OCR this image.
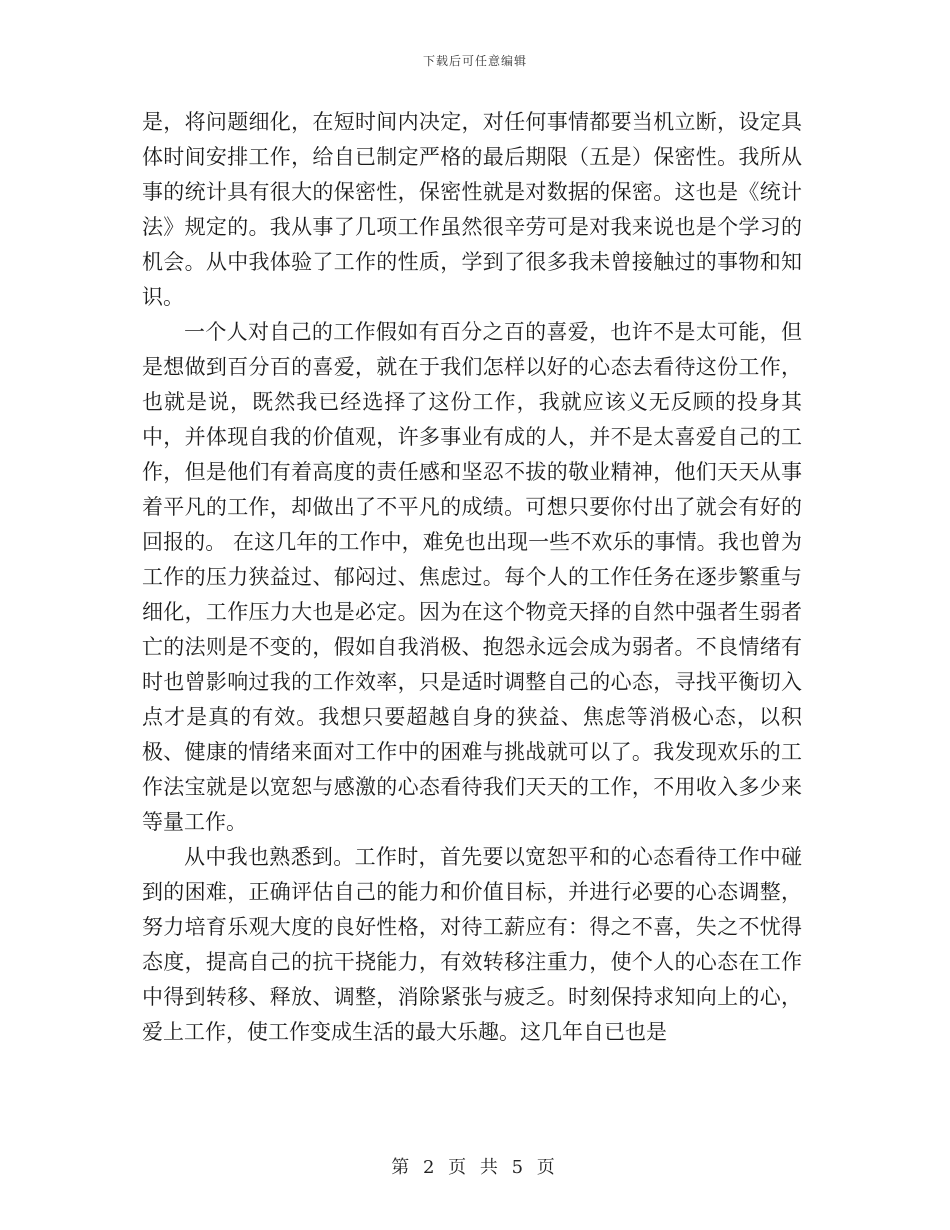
下载后可任意编辑

是，将问题细化，在短时间内决定，对任何事情都要当机立断，设定具体时间安排工作，给自已制定严格的最后期限（五是）保密性。我所从事的统计具有很大的保密性，保密性就是对数据的保密。这也是《统计法》规定的。我从事了几项工作虽然很辛劳可是对我来说也是个学习的机会。从中我体验了工作的性质，学到了很多我未曾接触过的事物和知识。

一个人对自己的工作假如有百分之百的喜爱，也许不是太可能，但是想做到百分百的喜爱，就在于我们怎样以好的心态去看待这份工作，也就是说，既然我已经选择了这份工作，我就应该义无反顾的投身其中，并体现自我的价值观，许多事业有成的人，并不是太喜爱自己的工作，但是他们有着高度的责任感和坚忍不拔的敬业精神，他们天天从事着平凡的工作，却做出了不平凡的成绩。可想只要你付出了就会有好的回报的。 在这几年的工作中，难免也出现一些不欢乐的事情。我也曾为工作的压力狭益过、郁闷过、焦虑过。每个人的工作任务在逐步繁重与细化，工作压力大也是必定。因为在这个物竞天择的自然中强者生弱者亡的法则是不变的，假如自我消极、抱怨永远会成为弱者。不良情绪有时也曾影响过我的工作效率，只是适时调整自己的心态，寻找平衡切入点才是真的有效。我想只要超越自身的狭益、焦虑等消极心态，以积极、健康的情绪来面对工作中的困难与挑战就可以了。我发现欢乐的工作法宝就是以宽恕与感激的心态看待我们天天的工作，不用收入多少来等量工作。

从中我也熟悉到。工作时，首先要以宽恕平和的心态看待工作中碰到的困难，正确评估自己的能力和价值目标，并进行必要的心态调整，努力培育乐观大度的良好性格，对待工薪应有：得之不喜，失之不忧得态度，提高自己的抗干挠能力，有效转移注重力，使个人的心态在工作中得到转移、释放、调整，消除紧张与疲乏。时刻保持求知向上的心，爱上工作，使工作变成生活的最大乐趣。这几年自已也是

第 2 页 共 5 页
